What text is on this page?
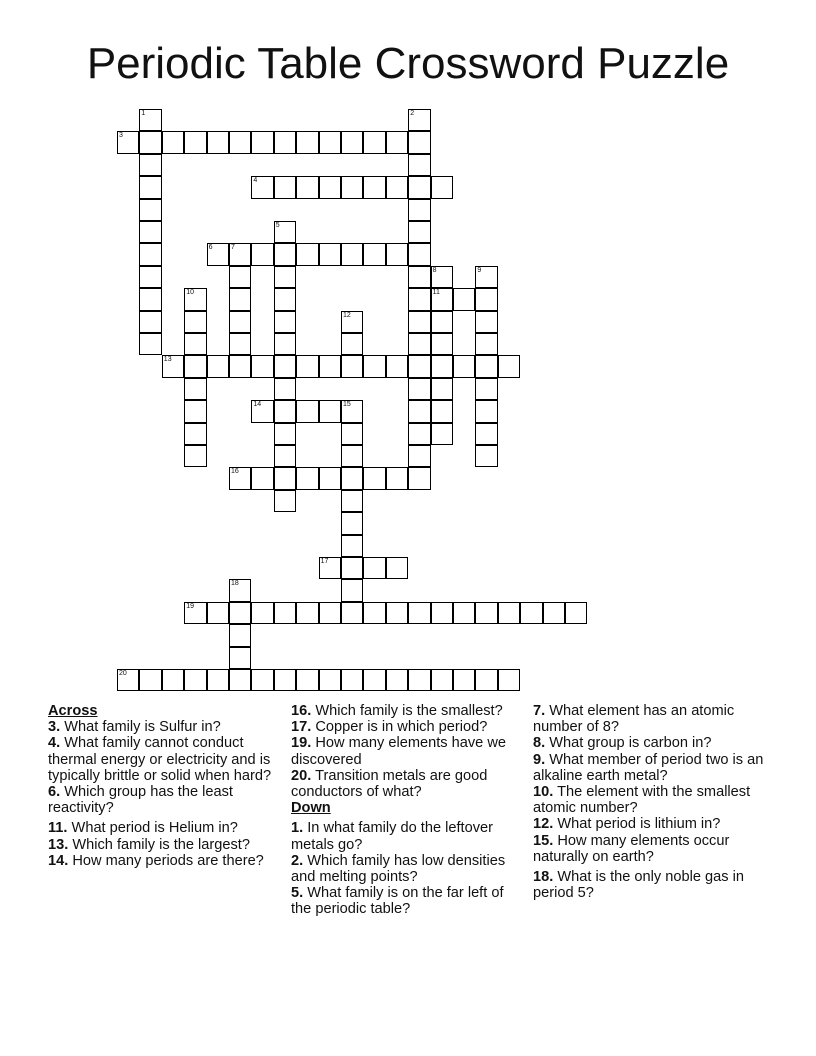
Periodic Table Crossword Puzzle
1	2
3
4
5
6	7
8
11
9
10
12
13
14	15
16
17
18
19
20
Across
3. What family is Sulfur in?
4. What family cannot conduct thermal energy or electricity and is typically brittle or solid when hard?
6. Which group has the least reactivity?
11. What period is Helium in?
13. Which family is the largest?
14. How many periods are there?
16. Which family is the smallest?
17. Copper is in which period?
19. How many elements have we discovered
20. Transition metals are good conductors of what?
Down
1. In what family do the leftover metals go?
2. Which family has low densities and melting points?
5. What family is on the far left of the periodic table?
7. What element has an atomic number of 8?
8. What group is carbon in?
9. What member of period two is an alkaline earth metal?
10. The element with the smallest atomic number?
12. What period is lithium in?
15. How many elements occur naturally on earth?
18. What is the only noble gas in period 5?
